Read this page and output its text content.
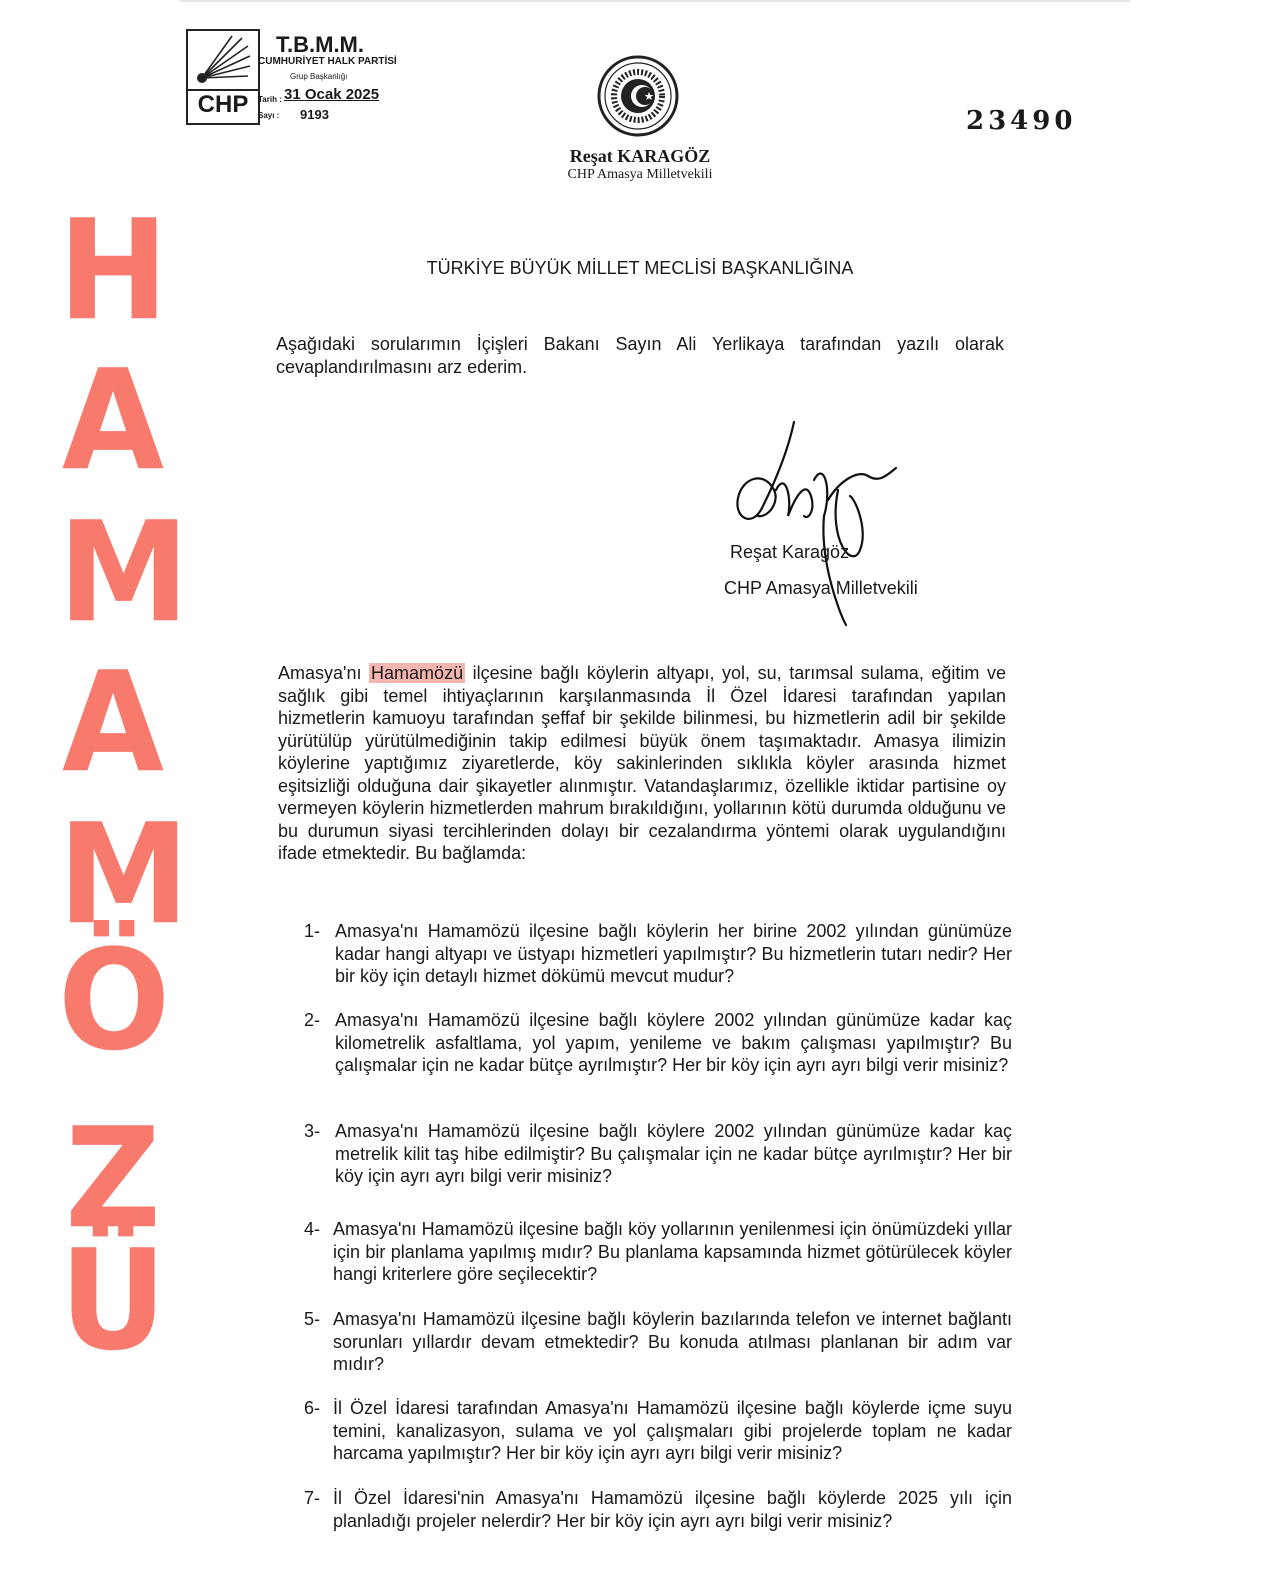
H
A
M
A
M
Ö
Z
Ü
CHP
T.B.M.M.
CUMHURİYET HALK PARTİSİ
Grup Başkanlığı
Tarih : 31 Ocak 2025
Sayı : 9193
Reşat KARAGÖZ
CHP Amasya Milletvekili
23490
TÜRKİYE BÜYÜK MİLLET MECLİSİ BAŞKANLIĞINA
Aşağıdaki sorularımın İçişleri Bakanı Sayın Ali Yerlikaya tarafından yazılı olarak cevaplandırılmasını arz ederim.
Reşat Karagöz
CHP Amasya Milletvekili
Amasya'nı Hamamözü ilçesine bağlı köylerin altyapı, yol, su, tarımsal sulama, eğitim ve sağlık gibi temel ihtiyaçlarının karşılanmasında İl Özel İdaresi tarafından yapılan hizmetlerin kamuoyu tarafından şeffaf bir şekilde bilinmesi, bu hizmetlerin adil bir şekilde yürütülüp yürütülmediğinin takip edilmesi büyük önem taşımaktadır. Amasya ilimizin köylerine yaptığımız ziyaretlerde, köy sakinlerinden sıklıkla köyler arasında hizmet eşitsizliği olduğuna dair şikayetler alınmıştır. Vatandaşlarımız, özellikle iktidar partisine oy vermeyen köylerin hizmetlerden mahrum bırakıldığını, yollarının kötü durumda olduğunu ve bu durumun siyasi tercihlerinden dolayı bir cezalandırma yöntemi olarak uygulandığını ifade etmektedir. Bu bağlamda:
1- Amasya'nı Hamamözü ilçesine bağlı köylerin her birine 2002 yılından günümüze kadar hangi altyapı ve üstyapı hizmetleri yapılmıştır? Bu hizmetlerin tutarı nedir? Her bir köy için detaylı hizmet dökümü mevcut mudur?
2- Amasya'nı Hamamözü ilçesine bağlı köylere 2002 yılından günümüze kadar kaç kilometrelik asfaltlama, yol yapım, yenileme ve bakım çalışması yapılmıştır? Bu çalışmalar için ne kadar bütçe ayrılmıştır? Her bir köy için ayrı ayrı bilgi verir misiniz?
3- Amasya'nı Hamamözü ilçesine bağlı köylere 2002 yılından günümüze kadar kaç metrelik kilit taş hibe edilmiştir? Bu çalışmalar için ne kadar bütçe ayrılmıştır? Her bir köy için ayrı ayrı bilgi verir misiniz?
4- Amasya'nı Hamamözü ilçesine bağlı köy yollarının yenilenmesi için önümüzdeki yıllar için bir planlama yapılmış mıdır? Bu planlama kapsamında hizmet götürülecek köyler hangi kriterlere göre seçilecektir?
5- Amasya'nı Hamamözü ilçesine bağlı köylerin bazılarında telefon ve internet bağlantı sorunları yıllardır devam etmektedir? Bu konuda atılması planlanan bir adım var mıdır?
6- İl Özel İdaresi tarafından Amasya'nı Hamamözü ilçesine bağlı köylerde içme suyu temini, kanalizasyon, sulama ve yol çalışmaları gibi projelerde toplam ne kadar harcama yapılmıştır? Her bir köy için ayrı ayrı bilgi verir misiniz?
7- İl Özel İdaresi'nin Amasya'nı Hamamözü ilçesine bağlı köylerde 2025 yılı için planladığı projeler nelerdir? Her bir köy için ayrı ayrı bilgi verir misiniz?
